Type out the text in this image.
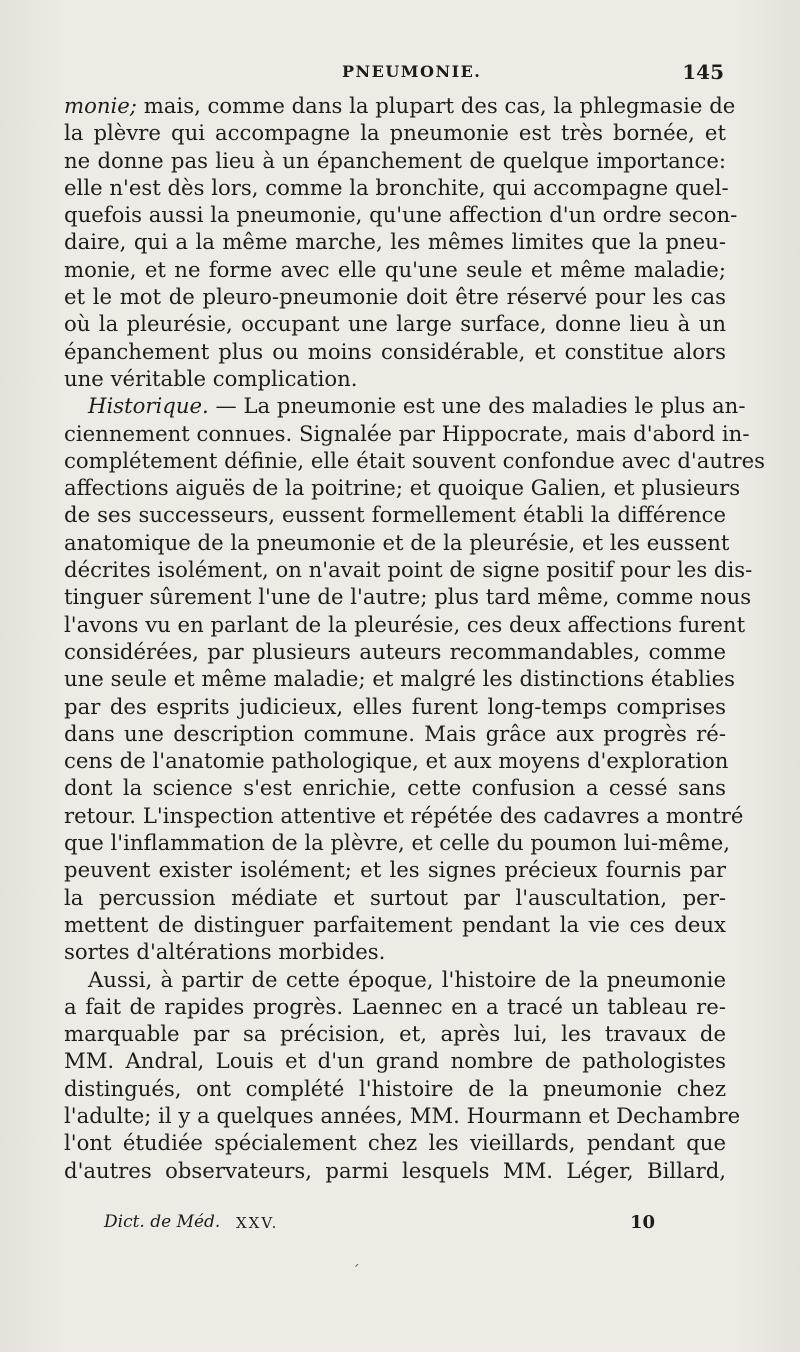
PNEUMONIE.	145
monie; mais, comme dans la plupart des cas, la phlegmasie de
la plèvre qui accompagne la pneumonie est très bornée, et
ne donne pas lieu à un épanchement de quelque importance:
elle n'est dès lors, comme la bronchite, qui accompagne quel-
quefois aussi la pneumonie, qu'une affection d'un ordre secon-
daire, qui a la même marche, les mêmes limites que la pneu-
monie, et ne forme avec elle qu'une seule et même maladie;
et le mot de pleuro-pneumonie doit être réservé pour les cas
où la pleurésie, occupant une large surface, donne lieu à un
épanchement plus ou moins considérable, et constitue alors
une véritable complication.
Historique. — La pneumonie est une des maladies le plus an-
ciennement connues. Signalée par Hippocrate, mais d'abord in-
complétement définie, elle était souvent confondue avec d'autres
affections aiguës de la poitrine; et quoique Galien, et plusieurs
de ses successeurs, eussent formellement établi la différence
anatomique de la pneumonie et de la pleurésie, et les eussent
décrites isolément, on n'avait point de signe positif pour les dis-
tinguer sûrement l'une de l'autre; plus tard même, comme nous
l'avons vu en parlant de la pleurésie, ces deux affections furent
considérées, par plusieurs auteurs recommandables, comme
une seule et même maladie; et malgré les distinctions établies
par des esprits judicieux, elles furent long-temps comprises
dans une description commune. Mais grâce aux progrès ré-
cens de l'anatomie pathologique, et aux moyens d'exploration
dont la science s'est enrichie, cette confusion a cessé sans
retour. L'inspection attentive et répétée des cadavres a montré
que l'inflammation de la plèvre, et celle du poumon lui-même,
peuvent exister isolément; et les signes précieux fournis par
la percussion médiate et surtout par l'auscultation, per-
mettent de distinguer parfaitement pendant la vie ces deux
sortes d'altérations morbides.
Aussi, à partir de cette époque, l'histoire de la pneumonie
a fait de rapides progrès. Laennec en a tracé un tableau re-
marquable par sa précision, et, après lui, les travaux de
MM. Andral, Louis et d'un grand nombre de pathologistes
distingués, ont complété l'histoire de la pneumonie chez
l'adulte; il y a quelques années, MM. Hourmann et Dechambre
l'ont étudiée spécialement chez les vieillards, pendant que
d'autres observateurs, parmi lesquels MM. Léger, Billard,
Dict. de Méd. XXV.	10
ˊ
